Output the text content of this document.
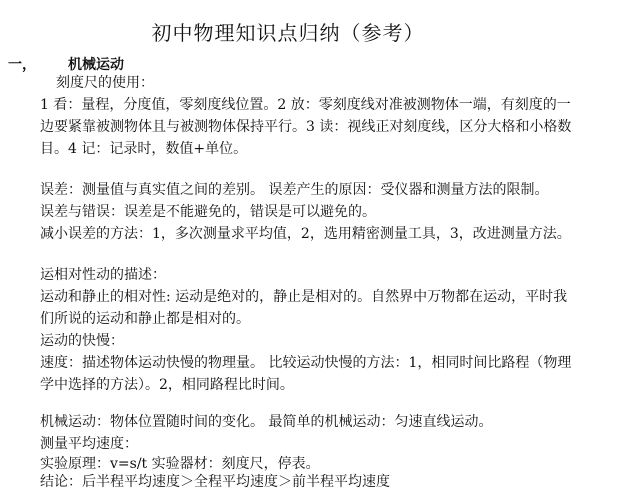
初中物理知识点归纳（参考）
一， 机械运动
刻度尺的使用：
1 看：量程，分度值，零刻度线位置。2 放：零刻度线对准被测物体一端，有刻度的一
边要紧靠被测物体且与被测物体保持平行。3 读：视线正对刻度线，区分大格和小格数
目。4 记：记录时，数值+单位。
误差：测量值与真实值之间的差别。 误差产生的原因：受仪器和测量方法的限制。
误差与错误：误差是不能避免的，错误是可以避免的。
减小误差的方法：1，多次测量求平均值，2，选用精密测量工具，3，改进测量方法。
运相对性动的描述：
运动和静止的相对性: 运动是绝对的，静止是相对的。自然界中万物都在运动，平时我
们所说的运动和静止都是相对的。
运动的快慢：
速度：描述物体运动快慢的物理量。 比较运动快慢的方法：1，相同时间比路程（物理
学中选择的方法）。2，相同路程比时间。
机械运动：物体位置随时间的变化。 最简单的机械运动：匀速直线运动。
测量平均速度：
实验原理：v=s/t 实验器材：刻度尺，停表。
结论：后半程平均速度＞全程平均速度＞前半程平均速度
